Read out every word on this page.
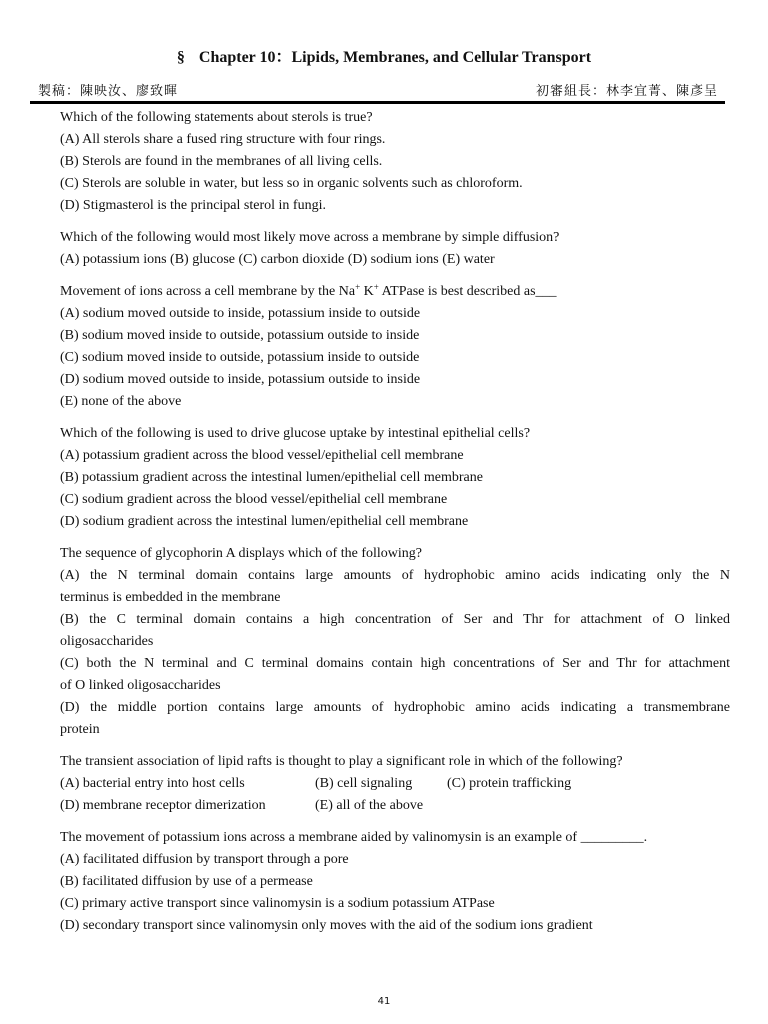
§ Chapter 10：Lipids, Membranes, and Cellular Transport
製稿：陳映汝、廖致暉	初審組長：林李宜菁、陳彥呈

Which of the following statements about sterols is true?

(A) All sterols share a fused ring structure with four rings.

(B) Sterols are found in the membranes of all living cells.

(C) Sterols are soluble in water, but less so in organic solvents such as chloroform.

(D) Stigmasterol is the principal sterol in fungi.

Which of the following would most likely move across a membrane by simple diffusion?

(A) potassium ions (B) glucose (C) carbon dioxide (D) sodium ions (E) water

Movement of ions across a cell membrane by the Na+ K+ ATPase is best described as___

(A) sodium moved outside to inside, potassium inside to outside

(B) sodium moved inside to outside, potassium outside to inside

(C) sodium moved inside to outside, potassium inside to outside

(D) sodium moved outside to inside, potassium outside to inside

(E) none of the above

Which of the following is used to drive glucose uptake by intestinal epithelial cells?

(A) potassium gradient across the blood vessel/epithelial cell membrane

(B) potassium gradient across the intestinal lumen/epithelial cell membrane

(C) sodium gradient across the blood vessel/epithelial cell membrane

(D) sodium gradient across the intestinal lumen/epithelial cell membrane

The sequence of glycophorin A displays which of the following?

(A) the N terminal domain contains large amounts of hydrophobic amino acids indicating only the N

terminus is embedded in the membrane

(B) the C terminal domain contains a high concentration of Ser and Thr for attachment of O linked

oligosaccharides

(C) both the N terminal and C terminal domains contain high concentrations of Ser and Thr for attachment

of O linked oligosaccharides

(D) the middle portion contains large amounts of hydrophobic amino acids indicating a transmembrane

protein

The transient association of lipid rafts is thought to play a significant role in which of the following?

(A) bacterial entry into host cells	(B) cell signaling	(C) protein trafficking
(D) membrane receptor dimerization	(E) all of the above

The movement of potassium ions across a membrane aided by valinomysin is an example of _________.

(A) facilitated diffusion by transport through a pore

(B) facilitated diffusion by use of a permease

(C) primary active transport since valinomysin is a sodium potassium ATPase

(D) secondary transport since valinomysin only moves with the aid of the sodium ions gradient

41
